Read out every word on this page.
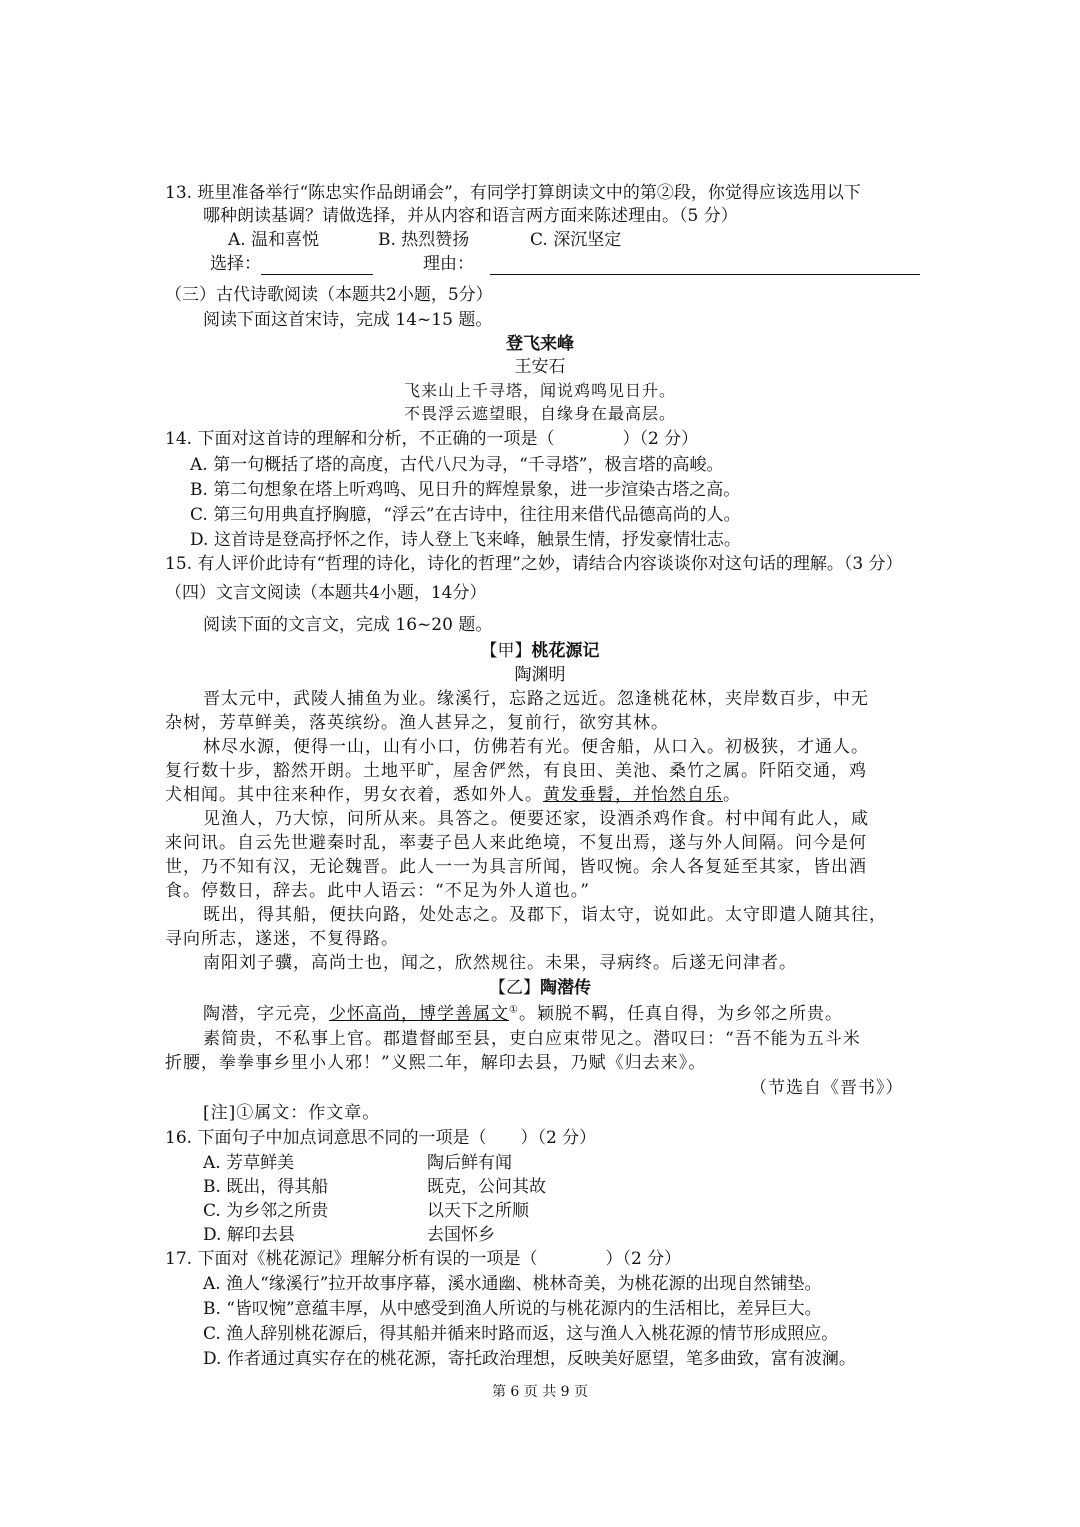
13. 班里准备举行“陈忠实作品朗诵会”，有同学打算朗读文中的第②段，你觉得应该选用以下
哪种朗读基调？请做选择，并从内容和语言两方面来陈述理由。（5 分）
A. 温和喜悦	B. 热烈赞扬	C. 深沉坚定
选择：	理由：
（三）古代诗歌阅读（本题共2小题，5分）
阅读下面这首宋诗，完成 14~15 题。
登飞来峰
王安石
飞来山上千寻塔，闻说鸡鸣见日升。
不畏浮云遮望眼，自缘身在最高层。
14. 下面对这首诗的理解和分析，不正确的一项是（　　　　）（2 分）
A. 第一句概括了塔的高度，古代八尺为寻，“千寻塔”，极言塔的高峻。
B. 第二句想象在塔上听鸡鸣、见日升的辉煌景象，进一步渲染古塔之高。
C. 第三句用典直抒胸臆，“浮云”在古诗中，往往用来借代品德高尚的人。
D. 这首诗是登高抒怀之作，诗人登上飞来峰，触景生情，抒发豪情壮志。
15. 有人评价此诗有“哲理的诗化，诗化的哲理”之妙，请结合内容谈谈你对这句话的理解。（3 分）
（四）文言文阅读（本题共4小题，14分）
阅读下面的文言文，完成 16~20 题。
【甲】桃花源记
陶渊明
晋太元中，武陵人捕鱼为业。缘溪行，忘路之远近。忽逢桃花林，夹岸数百步，中无
杂树，芳草鲜美，落英缤纷。渔人甚异之，复前行，欲穷其林。
林尽水源，便得一山，山有小口，仿佛若有光。便舍船，从口入。初极狭，才通人。
复行数十步，豁然开朗。土地平旷，屋舍俨然，有良田、美池、桑竹之属。阡陌交通，鸡
犬相闻。其中往来种作，男女衣着，悉如外人。黄发垂髫，并怡然自乐。
见渔人，乃大惊，问所从来。具答之。便要还家，设酒杀鸡作食。村中闻有此人，咸
来问讯。自云先世避秦时乱，率妻子邑人来此绝境，不复出焉，遂与外人间隔。问今是何
世，乃不知有汉，无论魏晋。此人一一为具言所闻，皆叹惋。余人各复延至其家，皆出酒
食。停数日，辞去。此中人语云：“不足为外人道也。”
既出，得其船，便扶向路，处处志之。及郡下，诣太守，说如此。太守即遣人随其往，
寻向所志，遂迷，不复得路。
南阳刘子骥，高尚士也，闻之，欣然规往。未果，寻病终。后遂无问津者。
【乙】陶潜传
陶潜，字元亮，少怀高尚，博学善属文①。颖脱不羁，任真自得，为乡邻之所贵。
素简贵，不私事上官。郡遣督邮至县，吏白应束带见之。潜叹曰：“吾不能为五斗米
折腰，拳拳事乡里小人邪！”义熙二年，解印去县，乃赋《归去来》。
（节选自《晋书》）
[注]①属文：作文章。
16. 下面句子中加点词意思不同的一项是（　　）（2 分）
A. 芳草鲜美	陶后鲜有闻
B. 既出，得其船	既克，公问其故
C. 为乡邻之所贵	以天下之所顺
D. 解印去县	去国怀乡
17. 下面对《桃花源记》理解分析有误的一项是（　　　　）（2 分）
A. 渔人“缘溪行”拉开故事序幕，溪水通幽、桃林奇美，为桃花源的出现自然铺垫。
B. “皆叹惋”意蕴丰厚，从中感受到渔人所说的与桃花源内的生活相比，差异巨大。
C. 渔人辞别桃花源后，得其船并循来时路而返，这与渔人入桃花源的情节形成照应。
D. 作者通过真实存在的桃花源，寄托政治理想，反映美好愿望，笔多曲致，富有波澜。
第 6 页 共 9 页
